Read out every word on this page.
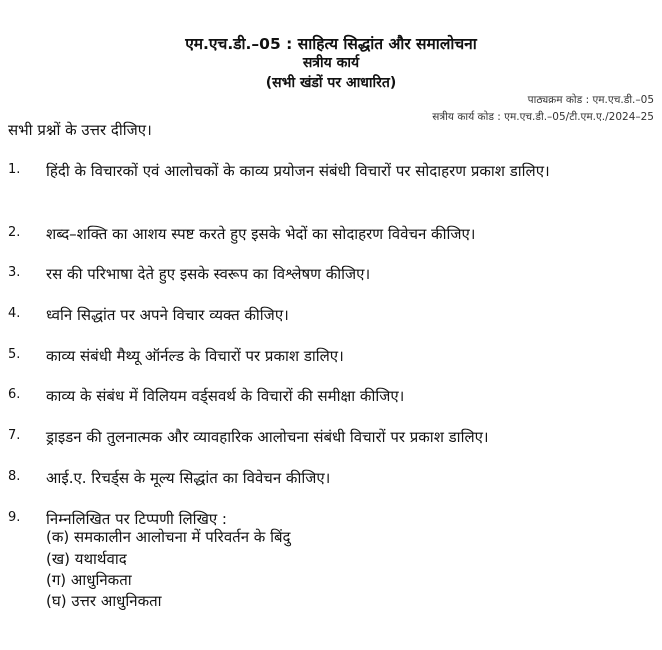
एम.एच.डी.–05 : साहित्य सिद्धांत और समालोचना
सत्रीय कार्य
(सभी खंडों पर आधारित)
पाठ्यक्रम कोड : एम.एच.डी.–05
सत्रीय कार्य कोड : एम.एच.डी.–05/टी.एम.ए./2024–25
सभी प्रश्नों के उत्तर दीजिए।
1. हिंदी के विचारकों एवं आलोचकों के काव्य प्रयोजन संबंधी विचारों पर सोदाहरण प्रकाश डालिए।
2. शब्द–शक्ति का आशय स्पष्ट करते हुए इसके भेदों का सोदाहरण विवेचन कीजिए।
3. रस की परिभाषा देते हुए इसके स्वरूप का विश्लेषण कीजिए।
4. ध्वनि सिद्धांत पर अपने विचार व्यक्त कीजिए।
5. काव्य संबंधी मैथ्यू ऑर्नल्ड के विचारों पर प्रकाश डालिए।
6. काव्य के संबंध में विलियम वर्ड्सवर्थ के विचारों की समीक्षा कीजिए।
7. ड्राइडन की तुलनात्मक और व्यावहारिक आलोचना संबंधी विचारों पर प्रकाश डालिए।
8. आई.ए. रिचर्ड्स के मूल्य सिद्धांत का विवेचन कीजिए।
9. निम्नलिखित पर टिप्पणी लिखिए :
(क) समकालीन आलोचना में परिवर्तन के बिंदु
(ख) यथार्थवाद
(ग) आधुनिकता
(घ) उत्तर आधुनिकता
